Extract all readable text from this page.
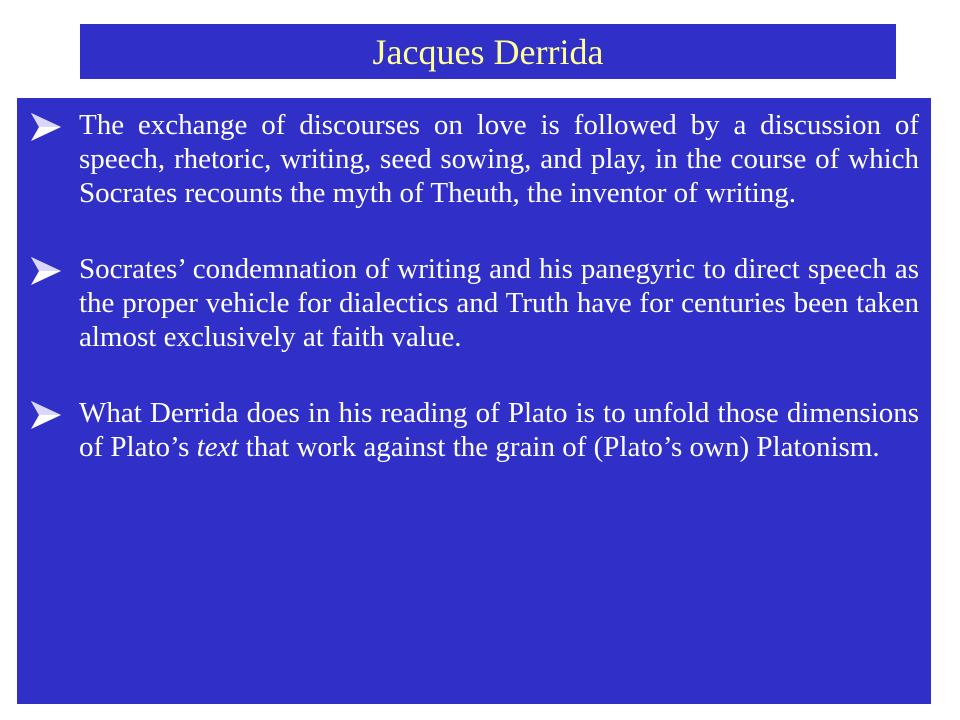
Jacques Derrida
The exchange of discourses on love is followed by a discussion of speech, rhetoric, writing, seed sowing, and play, in the course of which Socrates recounts the myth of Theuth, the inventor of writing.
Socrates’ condemnation of writing and his panegyric to direct speech as the proper vehicle for dialectics and Truth have for centuries been taken almost exclusively at faith value.
What Derrida does in his reading of Plato is to unfold those dimensions of Plato’s text that work against the grain of (Plato’s own) Platonism.
